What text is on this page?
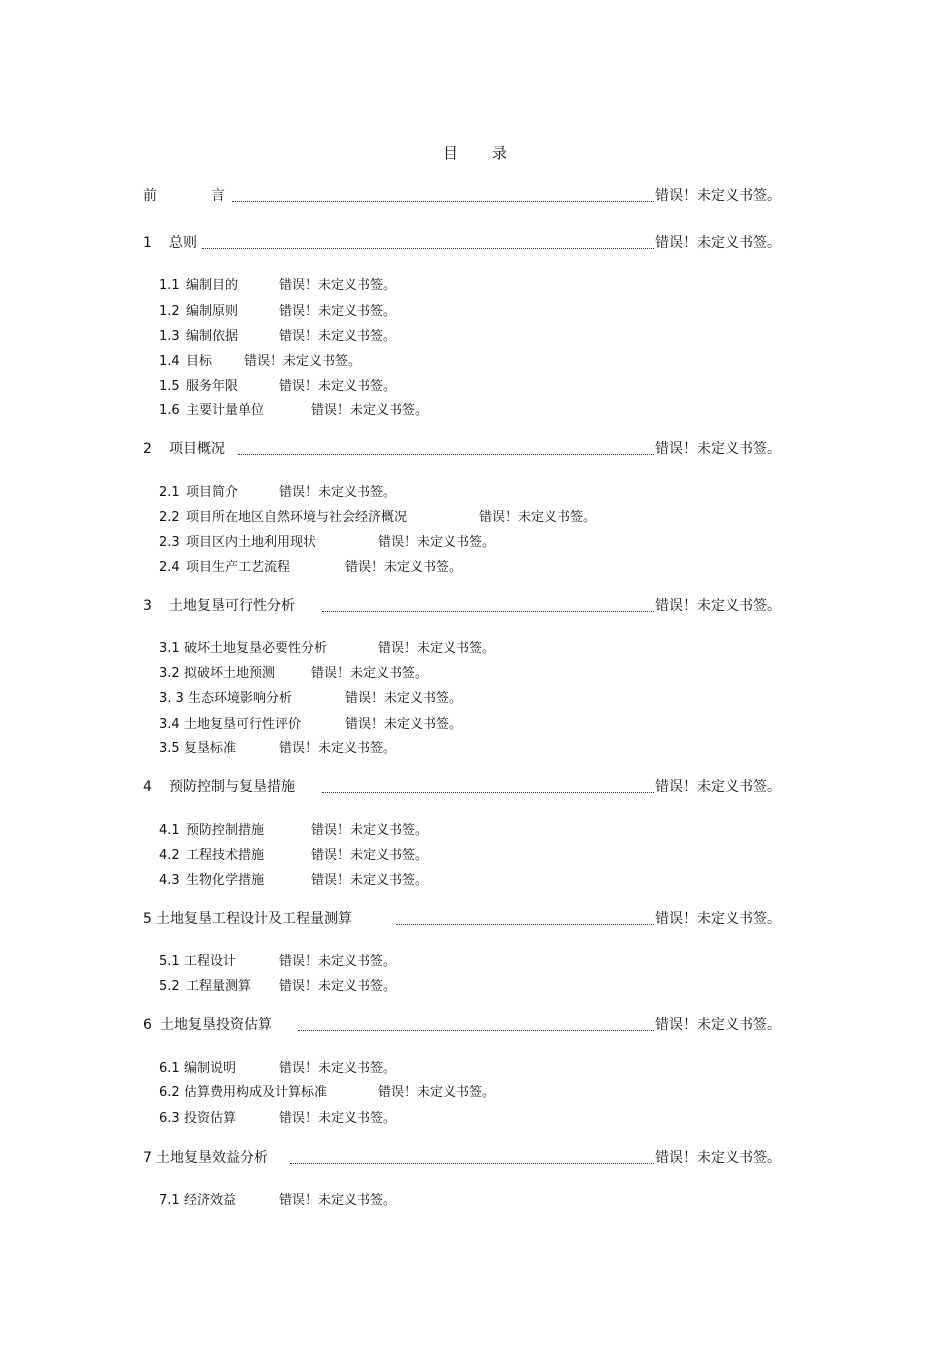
目 录
前	言	错误！未定义书签。
1 总则	错误！未定义书签。
1.1 编制目的	错误！未定义书签。
1.2 编制原则	错误！未定义书签。
1.3 编制依据	错误！未定义书签。
1.4 目标 错误！未定义书签。
1.5 服务年限	错误！未定义书签。
1.6 主要计量单位	错误！未定义书签。
2 项目概况	错误！未定义书签。
2.1 项目简介	错误！未定义书签。
2.2 项目所在地区自然环境与社会经济概况	错误！未定义书签。
2.3 项目区内土地利用现状	错误！未定义书签。
2.4 项目生产工艺流程	错误！未定义书签。
3 土地复垦可行性分析	错误！未定义书签。
3.1 破坏土地复垦必要性分析	错误！未定义书签。
3.2 拟破坏土地预测	错误！未定义书签。
3. 3 生态环境影响分析	错误！未定义书签。
3.4 土地复垦可行性评价	错误！未定义书签。
3.5 复垦标准	错误！未定义书签。
4 预防控制与复垦措施	错误！未定义书签。
4.1 预防控制措施	错误！未定义书签。
4.2 工程技术措施	错误！未定义书签。
4.3 生物化学措施	错误！未定义书签。
5 土地复垦工程设计及工程量测算	错误！未定义书签。
5.1 工程设计	错误！未定义书签。
5.2 工程量测算 错误！未定义书签。
6 土地复垦投资估算	错误！未定义书签。
6.1 编制说明	错误！未定义书签。
6.2 估算费用构成及计算标准	错误！未定义书签。
6.3 投资估算	错误！未定义书签。
7 土地复垦效益分析	错误！未定义书签。
7.1 经济效益	错误！未定义书签。
